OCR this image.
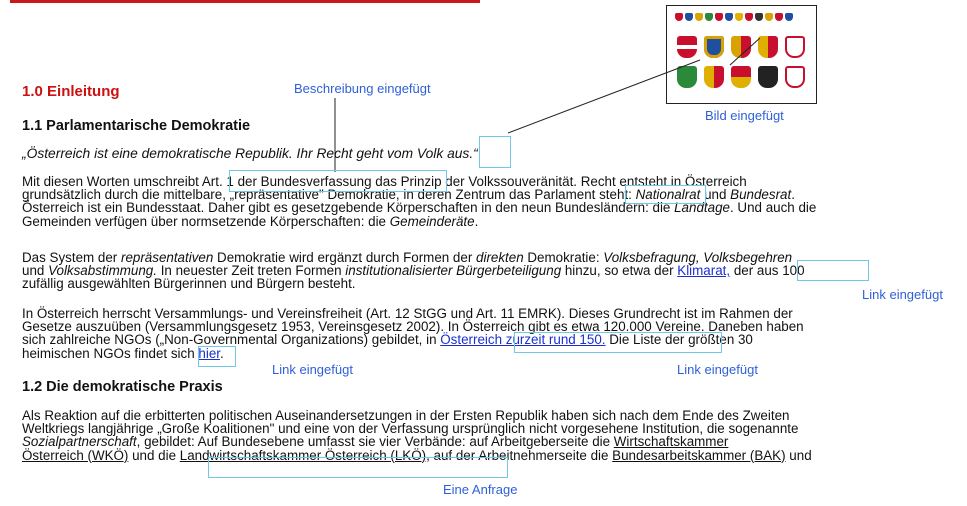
Beschreibung eingefügt
Bild eingefügt
Link eingefügt
Link eingefügt	Link eingefügt
Eine Anfrage
1.0 Einleitung
1.1 Parlamentarische Demokratie
„Österreich ist eine demokratische Republik. Ihr Recht geht vom Volk aus.“
Mit diesen Worten umschreibt Art. 1 der Bundesverfassung das Prinzip der Volkssouveränität. Recht entsteht in Österreich
grundsätzlich durch die mittelbare, „repräsentative" Demokratie, in deren Zentrum das Parlament steht: Nationalrat und Bundesrat.
Österreich ist ein Bundesstaat. Daher gibt es gesetzgebende Körperschaften in den neun Bundesländern: die Landtage. Und auch die
Gemeinden verfügen über normsetzende Körperschaften: die Gemeinderäte.
Das System der repräsentativen Demokratie wird ergänzt durch Formen der direkten Demokratie: Volksbefragung, Volksbegehren
und Volksabstimmung. In neuester Zeit treten Formen institutionalisierter Bürgerbeteiligung hinzu, so etwa der Klimarat, der aus 100
zufällig ausgewählten Bürgerinnen und Bürgern besteht.
In Österreich herrscht Versammlungs- und Vereinsfreiheit (Art. 12 StGG und Art. 11 EMRK). Dieses Grundrecht ist im Rahmen der
Gesetze auszuüben (Versammlungsgesetz 1953, Vereinsgesetz 2002). In Österreich gibt es etwa 120.000 Vereine. Daneben haben
sich zahlreiche NGOs („Non-Governmental Organizations) gebildet, in Österreich zurzeit rund 150. Die Liste der größten 30
heimischen NGOs findet sich hier.
1.2 Die demokratische Praxis
Als Reaktion auf die erbitterten politischen Auseinandersetzungen in der Ersten Republik haben sich nach dem Ende des Zweiten
Weltkriegs langjährige „Große Koalitionen" und eine von der Verfassung ursprünglich nicht vorgesehene Institution, die sogenannte
Sozialpartnerschaft, gebildet: Auf Bundesebene umfasst sie vier Verbände: auf Arbeitgeberseite die Wirtschaftskammer
Österreich (WKÖ) und die Landwirtschaftskammer Österreich (LKÖ), auf der Arbeitnehmerseite die Bundesarbeitskammer (BAK) und
